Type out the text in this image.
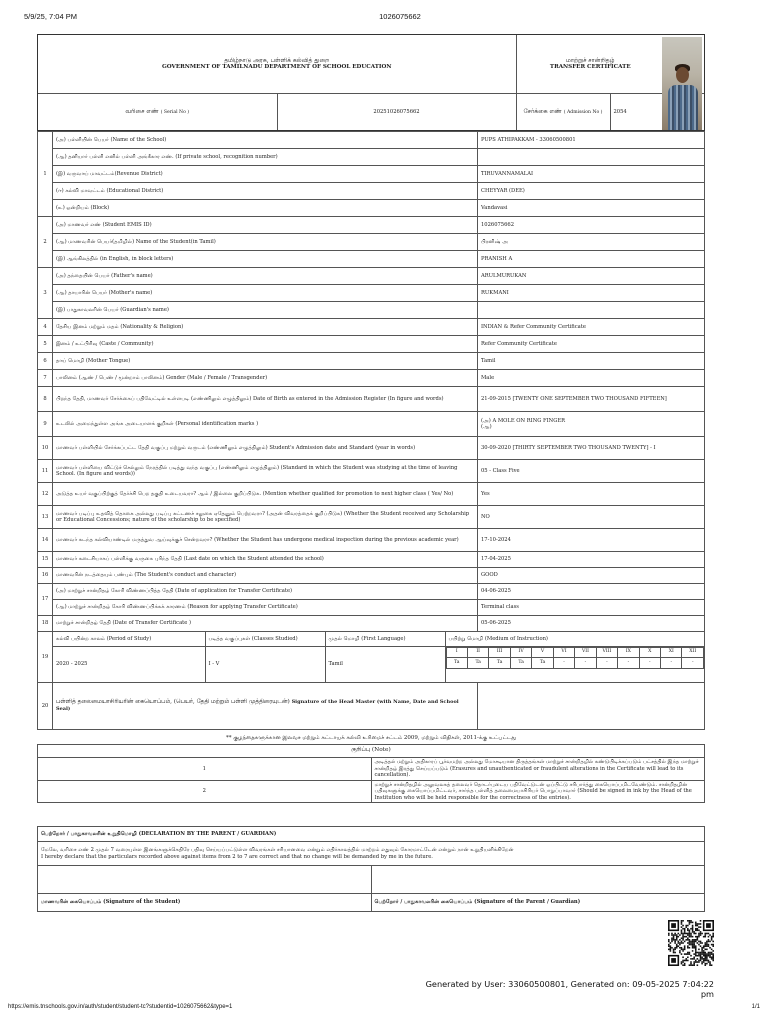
5/9/25, 7:04 PM	1026075662
தமிழ்நாடு அரசு, பள்ளிக் கல்வித் துறை
GOVERNMENT OF TAMILNADU DEPARTMENT OF SCHOOL EDUCATION		மாற்றுச் சான்றிதழ்
TRANSFER CERTIFICATE	

வரிசை எண் ( Serial No )	20251026075662	சேர்க்கை எண் ( Admission No )	2054
1	(அ) பள்ளியின் பெயர் (Name of the School)	PUPS ATHIPAKKAM - 33060500801
(ஆ) தனியார் பள்ளி எனில் பள்ளி அங்கீகார எண். (If private school, recognition number)	
(இ) வருவாய் மாவட்டம்(Revenue District)	TIRUVANNAMALAI
(ஈ) கல்வி மாவட்டம் (Educational District)	CHEYYAR (DEE)
(உ) ஒன்றியம் (Block)	Vandavasi
2	(அ) மாணவர் எண் (Student EMIS ID)	1026075662
(ஆ) மாணவரின் பெயர்(தமிழில்) Name of the Student(in Tamil)	பிரனிஷ் அ
(இ) ஆங்கிலத்தில் (in English, in block letters)	PRANISH A
3	(அ) தந்தையின் பெயர் (Father's name)	ARULMURUKAN
(ஆ) தாயாரின் பெயர் (Mother's name)	RUKMANI
(இ) பாதுகாவலரின் பெயர் (Guardian's name)	
4	தேசிய இனம் மற்றும் மதம் (Nationality & Religion)	INDIAN & Refer Community Certificate
5	இனம் / உட்பிரிவு (Caste / Community)	Refer Community Certificate
6	தாய் மொழி (Mother Tongue)	Tamil
7	பாலினம் (ஆண் / பெண் / மூன்றாம் பாலினம்) Gender (Male / Female / Transgender)	Male
8	பிறந்த தேதி, மாணவர் சேர்க்கைப் பதிவேட்டில் உள்ளபடி (எண்ணிலும் எழுத்திலும்) Date of Birth as entered in the Admission Register (In figure and words)	21-09-2015 [TWENTY ONE SEPTEMBER TWO THOUSAND FIFTEEN]
9	உடலில் அமைந்துள்ள அங்க அடையாளக் குறிகள் (Personal identification marks )	
(அ) A MOLE ON RING FINGER
(ஆ)

10	மாணவர் பள்ளியில் சேர்க்கப்பட்ட தேதி வகுப்பு மற்றும் வருடம் (எண்ணிலும் எழுத்திலும்) Student's Admission date and Standard (year in words)	30-09-2020 [THIRTY SEPTEMBER TWO THOUSAND TWENTY] - I
11	மாணவர் பள்ளியை விட்டுச் செல்லும் நேரத்தில் படித்து வந்த வகுப்பு (எண்ணிலும் எழுத்திலும்) (Standard in which the Student was studying at the time of leaving School. (In figure and words))	05 - Class Five
12	அடுத்த உயர் வகுப்பிற்குத் தேர்ச்சி பெற தகுதி உடையவரா? ஆம் / இல்லை குறிப்பிடுக. (Mention whether qualified for promotion to next higher class ( Yes/ No)	Yes
13	மாணவர் படிப்பு உதவித் தொகை அல்லது படிப்பு கட்டணச் சலுகை ஏதேனும் பெற்றவரா? (அதன் விவரத்தைக் குறிப்பிடுக) (Whether the Student received any Scholarship or Educational Concessions; nature of the scholarship to be specified)	NO
14	மாணவர் கடந்த கல்வியாண்டில் மருத்துவ ஆய்வுக்குச் சென்றவரா? (Whether the Student has undergone medical inspection during the previous academic year)	17-10-2024
15	மாணவர் கடைசியாகப் பள்ளிக்கு வருகை புரிந்த தேதி (Last date on which the Student attended the school)	17-04-2025
16	மாணவரின் நடத்தையும் பண்பும் (The Student's conduct and character)	GOOD
17	(அ) மாற்றுச் சான்றிதழ் கோரி விண்ணப்பித்த தேதி (Date of application for Transfer Certificate)	04-06-2025
(ஆ) மாற்றுச் சான்றிதழ் கோரி விண்ணப்பிக்கக் காரணம் (Reason for applying Transfer Certificate)	Terminal class
18	மாற்றுச் சான்றிதழ் தேதி (Date of Transfer Certificate )	05-06-2025
19	
கல்வி பயின்ற காலம் (Period of Study)	படித்த வகுப்புகள் (Classes Studied)	முதல் மொழி (First Language)	பயிற்று மொழி (Medium of Instruction)
2020 - 2025	I - V	Tamil	
I	II	III	IV	V	VI	VII	VIII	IX	X	XI	XII
Ta	Ta	Ta	Ta	Ta	-	-	-	-	-	-	-

20	பள்ளித் தலைமையாசிரியரின் கையொப்பம், (பெயர், தேதி மற்றும் பள்ளி முத்திரையுடன்) Signature of the Head Master (with Name, Date and School Seal)	
** குழந்தைகளுக்கான இலவச மற்றும் கட்டாயக் கல்வி உரிமைச் சட்டம் 2009, மற்றும் விதிகள், 2011-க்கு உட்பட்டது
குறிப்பு (Note)	
1	அடித்தல் மற்றும் அதிகாரப் பூர்வமற்ற அல்லது மோசடியான திருத்தங்கள் மாற்றுச் சான்றிதழில் கண்டுபிடிக்கப்படும் பட்சத்தில் இந்த மாற்றுச் சான்றிதழ் இரத்து செய்யப்படும் (Erasures and unauthenticated or fraudulent alterations in the Certificate will lead to its cancellation).
2	மாற்றுச் சான்றிதழில் அலுவலகத் தலைவர் தொடர்புடைய பதிவேட்டுடன் ஒப்பிட்டு சரிபார்த்து கையொப்பமிடவேண்டும். சான்றிதழின் பதிவுகளுக்கு கையொப்பமிட்டவர், சார்ந்த பள்ளித் தலைமையாசிரியர் பொறுப்பாவார் (Should be signed in ink by the Head of the Institution who will be held responsible for the correctness of the entries).
பெற்றோர் / பாதுகாவலரின் உறுதிமொழி (DECLARATION BY THE PARENT / GUARDIAN)	

மேலே, வரிசை எண் 2 முதல் 7 வரையுள்ள இனங்களுக்கெதிரே பதிவு செய்யப்பட்டுள்ள விவரங்கள் சரியானவை என்றும் எதிர்காலத்தில் மாற்றம் எதுவும் கோரமாட்டேன் என்றும் நான் உறுதியளிக்கிறேன்
I hereby declare that the particulars recorded above against items from 2 to 7 are correct and that no change will be demanded by me in the future.	

மாணவரின் கையொப்பம் (Signature of the Student)	பெற்றோர் / பாதுகாவலரின் கையொப்பம் (Signature of the Parent / Guardian)
Generated by User: 33060500801, Generated on: 09-05-2025 7:04:22 pm
https://emis.tnschools.gov.in/auth/student/student-tc?studentid=1026075662&type=1	1/1
